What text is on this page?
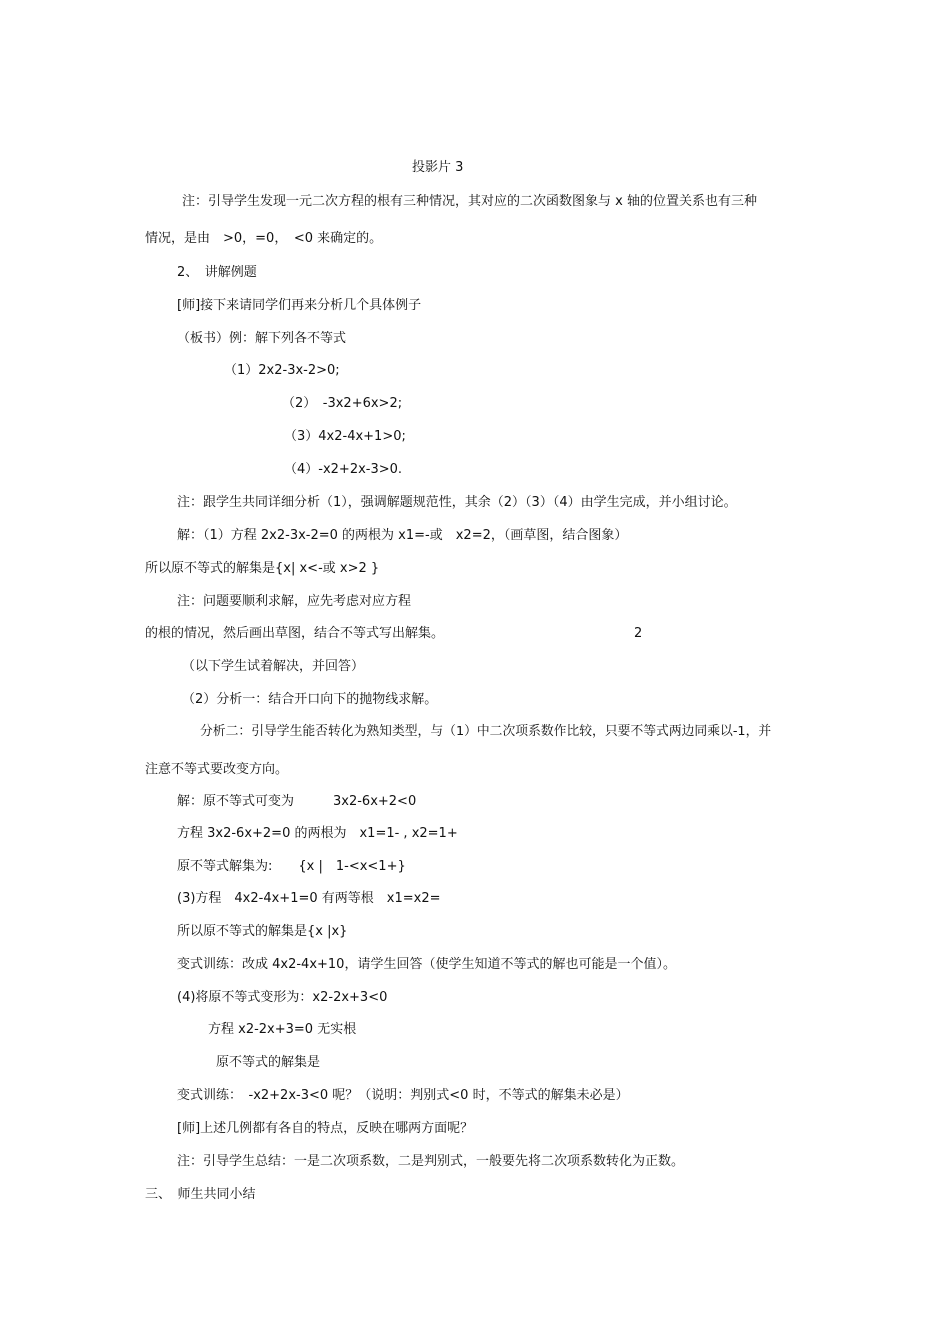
投影片 3
注：引导学生发现一元二次方程的根有三种情况，其对应的二次函数图象与 x 轴的位置关系也有三种
情况，是由　>0，=0，　<0 来确定的。
2、　讲解例题
[师]接下来请同学们再来分析几个具体例子
（板书）例：解下列各不等式
（1）2x2-3x-2>0;
（2）　-3x2+6x>2;
（3）4x2-4x+1>0;
（4）-x2+2x-3>0.
注：跟学生共同详细分析（1），强调解题规范性，其余（2）（3）（4）由学生完成，并小组讨论。
解：（1）方程 2x2-3x-2=0 的两根为 x1=-或　x2=2，（画草图，结合图象）
所以原不等式的解集是{x| x<-或 x>2 }
注：问题要顺利求解，应先考虑对应方程
的根的情况，然后画出草图，结合不等式写出解集。	2
（以下学生试着解决，并回答）
（2）分析一：结合开口向下的抛物线求解。
分析二：引导学生能否转化为熟知类型，与（1）中二次项系数作比较，只要不等式两边同乘以-1，并
注意不等式要改变方向。
解：原不等式可变为　　　3x2-6x+2<0
方程 3x2-6x+2=0 的两根为　x1=1- , x2=1+
原不等式解集为:　　{x |　1-<x<1+}
(3)方程　4x2-4x+1=0 有两等根　x1=x2=
所以原不等式的解集是{x |x}
变式训练：改成 4x2-4x+10，请学生回答（使学生知道不等式的解也可能是一个值）。
(4)将原不等式变形为：x2-2x+3<0
方程 x2-2x+3=0 无实根
原不等式的解集是
变式训练：　-x2+2x-3<0 呢？（说明：判别式<0 时，不等式的解集未必是）
[师]上述几例都有各自的特点，反映在哪两方面呢？
注：引导学生总结：一是二次项系数，二是判别式，一般要先将二次项系数转化为正数。
三、　师生共同小结
